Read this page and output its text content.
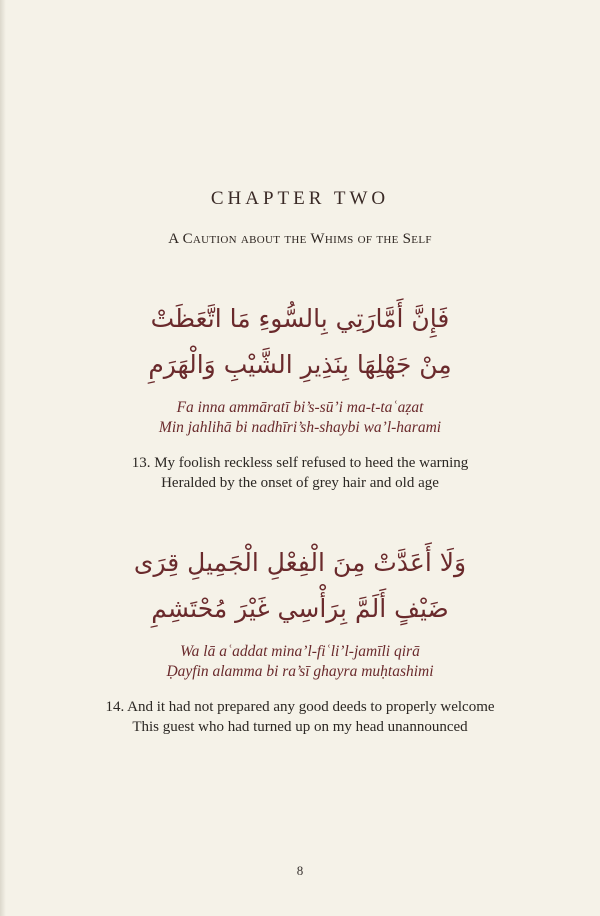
CHAPTER TWO
A Caution about the Whims of the Self
فَإِنَّ أَمَّارَتِي بِالسُّوءِ مَا اتَّعَظَتْ
مِنْ جَهْلِهَا بِنَذِيرِ الشَّيْبِ وَالْهَرَمِ
Fa inna ammāratī bi’s-sū’i ma-t-taʿaẓat
Min jahlihā bi nadhīri’sh-shaybi wa’l-harami
13. My foolish reckless self refused to heed the warning
Heralded by the onset of grey hair and old age
وَلَا أَعَدَّتْ مِنَ الْفِعْلِ الْجَمِيلِ قِرَى
ضَيْفٍ أَلَمَّ بِرَأْسِي غَيْرَ مُحْتَشِمِ
Wa lā aʿaddat mina’l-fiʿli’l-jamīli qirā
Ḍayfin alamma bi ra’sī ghayra muḥtashimi
14. And it had not prepared any good deeds to properly welcome
This guest who had turned up on my head unannounced
8
